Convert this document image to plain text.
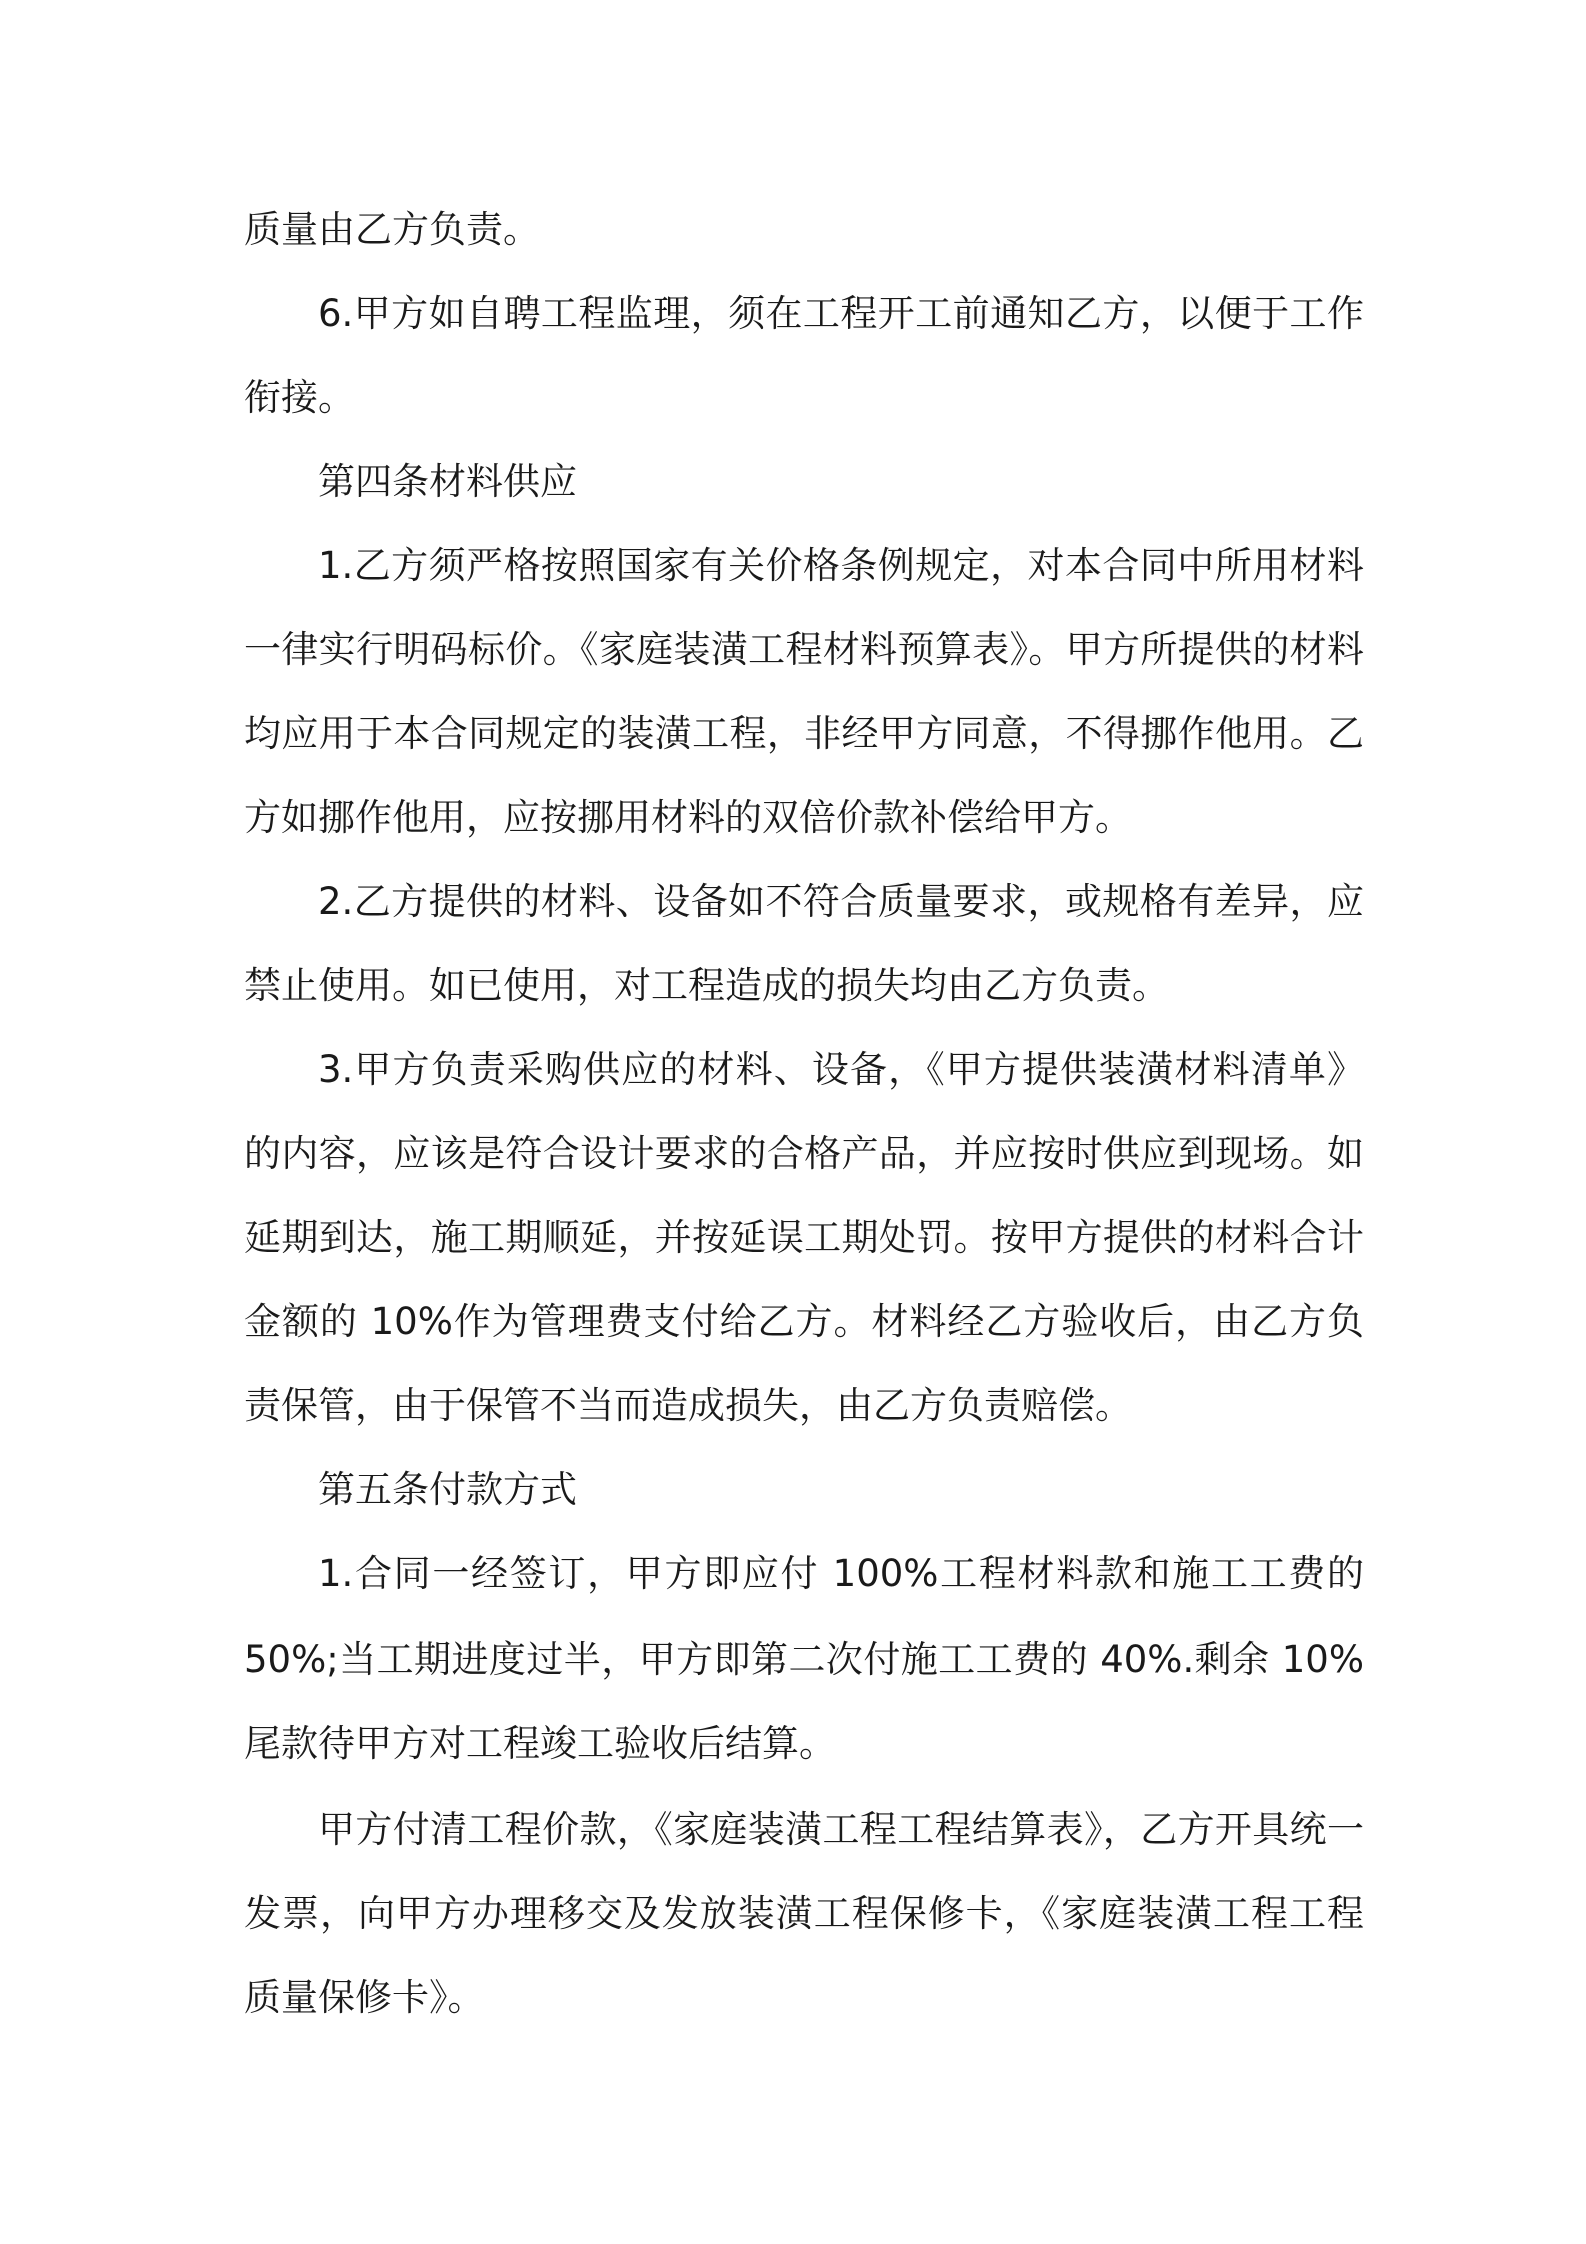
质量由乙方负责。
6.甲方如自聘工程监理，须在工程开工前通知乙方，以便于工作
衔接。
第四条材料供应
1.乙方须严格按照国家有关价格条例规定，对本合同中所用材料
一律实行明码标价。《家庭装潢工程材料预算表》。甲方所提供的材料
均应用于本合同规定的装潢工程，非经甲方同意，不得挪作他用。乙
方如挪作他用，应按挪用材料的双倍价款补偿给甲方。
2.乙方提供的材料、设备如不符合质量要求，或规格有差异，应
禁止使用。如已使用，对工程造成的损失均由乙方负责。
3.甲方负责采购供应的材料、设备，《甲方提供装潢材料清单》
的内容，应该是符合设计要求的合格产品，并应按时供应到现场。如
延期到达，施工期顺延，并按延误工期处罚。按甲方提供的材料合计
金额的 10%作为管理费支付给乙方。材料经乙方验收后，由乙方负
责保管，由于保管不当而造成损失，由乙方负责赔偿。
第五条付款方式
1.合同一经签订，甲方即应付 100%工程材料款和施工工费的
50%;当工期进度过半，甲方即第二次付施工工费的 40%.剩余 10%
尾款待甲方对工程竣工验收后结算。
甲方付清工程价款，《家庭装潢工程工程结算表》，乙方开具统一
发票，向甲方办理移交及发放装潢工程保修卡，《家庭装潢工程工程
质量保修卡》。
